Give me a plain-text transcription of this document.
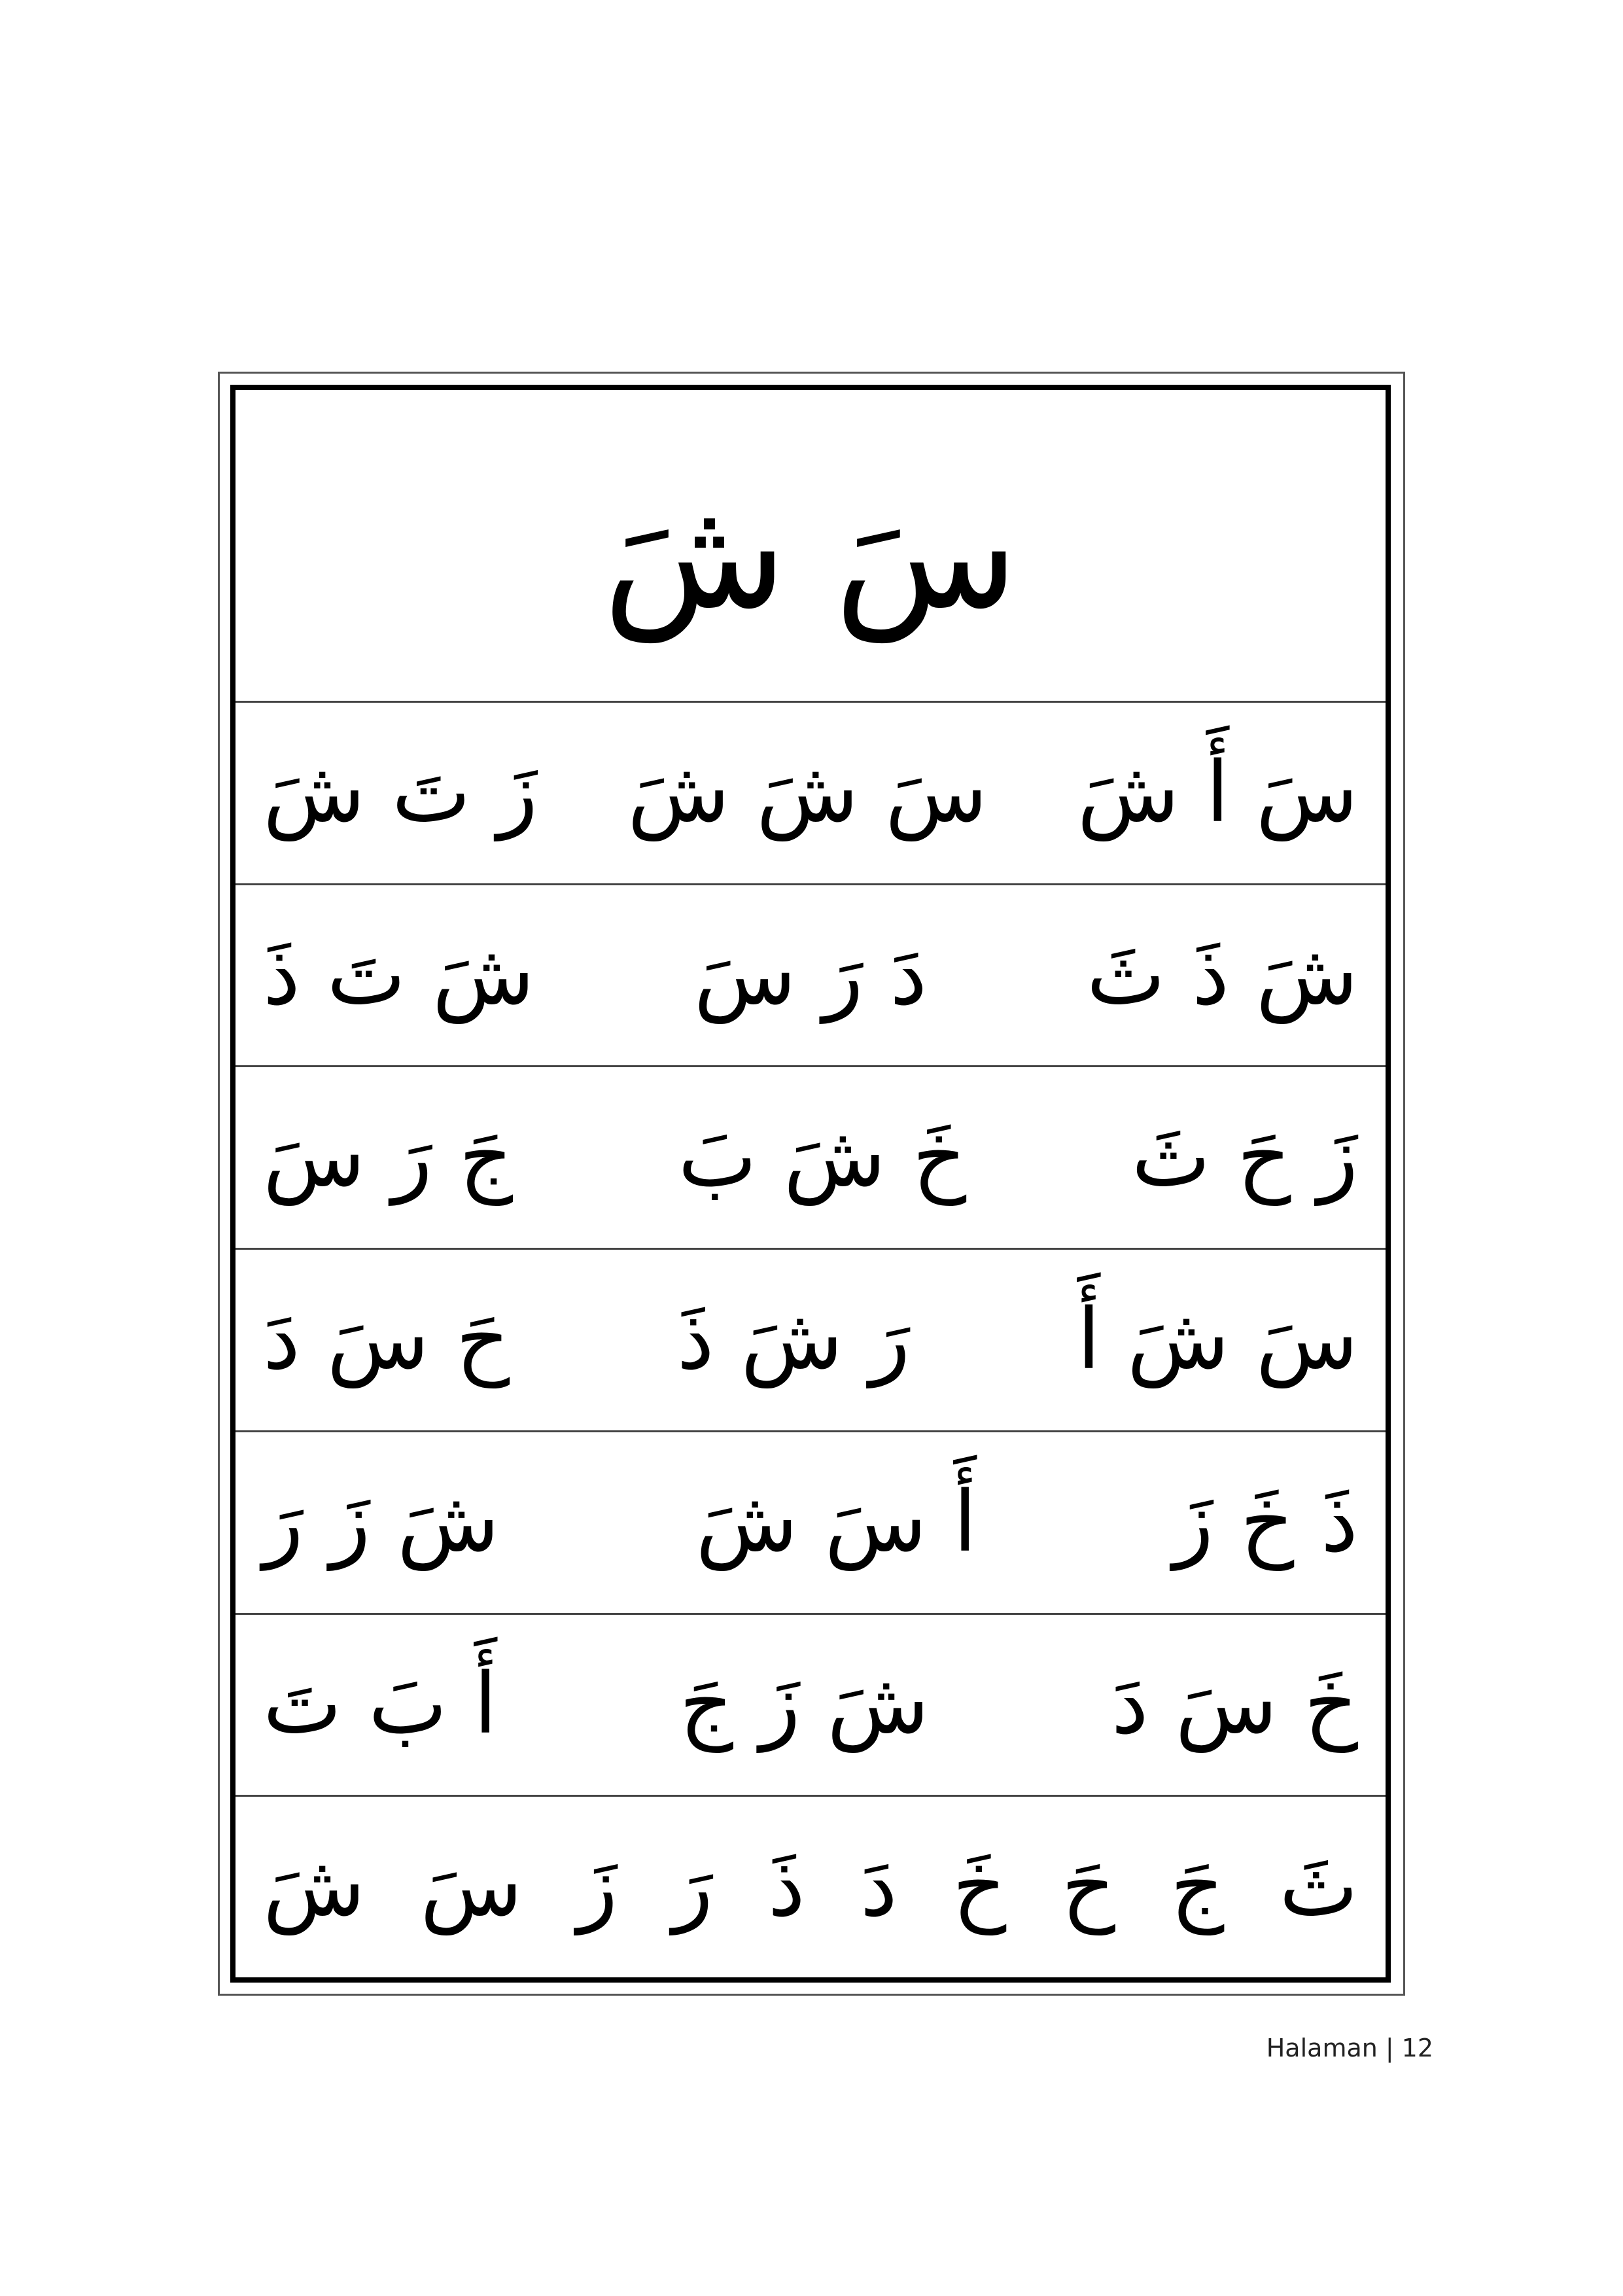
سَ شَ
سَ أَ شَ
سَ شَ شَ
زَ تَ شَ
شَ ذَ ثَ
دَ رَ سَ
شَ تَ ذَ
زَ حَ ثَ
خَ شَ بَ
جَ رَ سَ
سَ شَ أَ
رَ شَ ذَ
حَ سَ دَ
ذَ خَ زَ
أَ سَ شَ
شَ زَ رَ
خَ سَ دَ
شَ زَ جَ
أَ بَ تَ
ثَ
جَ
حَ
خَ
دَ
ذَ
رَ
زَ
سَ
شَ
Halaman | 12
